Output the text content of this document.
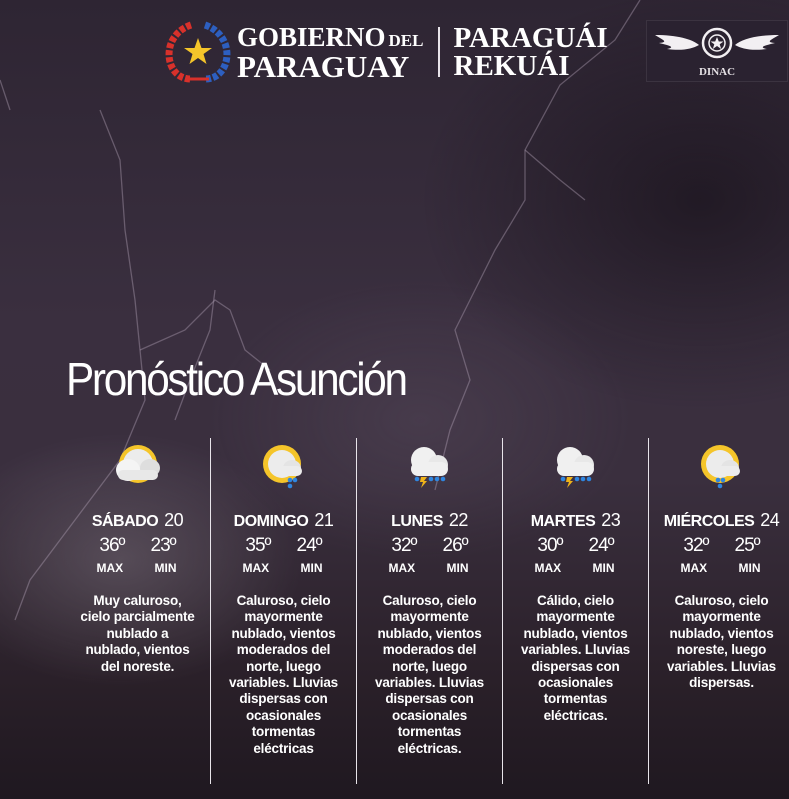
GOBIERNO DEL
PARAGUAY
PARAGUÁI
REKUÁI	DINAC
Pronóstico Asunción
SÁBADO 20
36º 23º
MAX	MIN
Muy caluroso, cielo parcialmente nublado a nublado, vientos del noreste.
DOMINGO 21
35º 24º
MAX	MIN
Caluroso, cielo mayormente nublado, vientos moderados del norte, luego variables. Lluvias dispersas con ocasionales tormentas eléctricas
LUNES 22
32º 26º
MAX	MIN
Caluroso, cielo mayormente nublado, vientos moderados del norte, luego variables. Lluvias dispersas con ocasionales tormentas eléctricas.
MARTES 23
30º 24º
MAX	MIN
Cálido, cielo mayormente nublado, vientos variables. Lluvias dispersas con ocasionales tormentas eléctricas.
MIÉRCOLES 24
32º 25º
MAX	MIN
Caluroso, cielo mayormente nublado, vientos noreste, luego variables. Lluvias dispersas.
